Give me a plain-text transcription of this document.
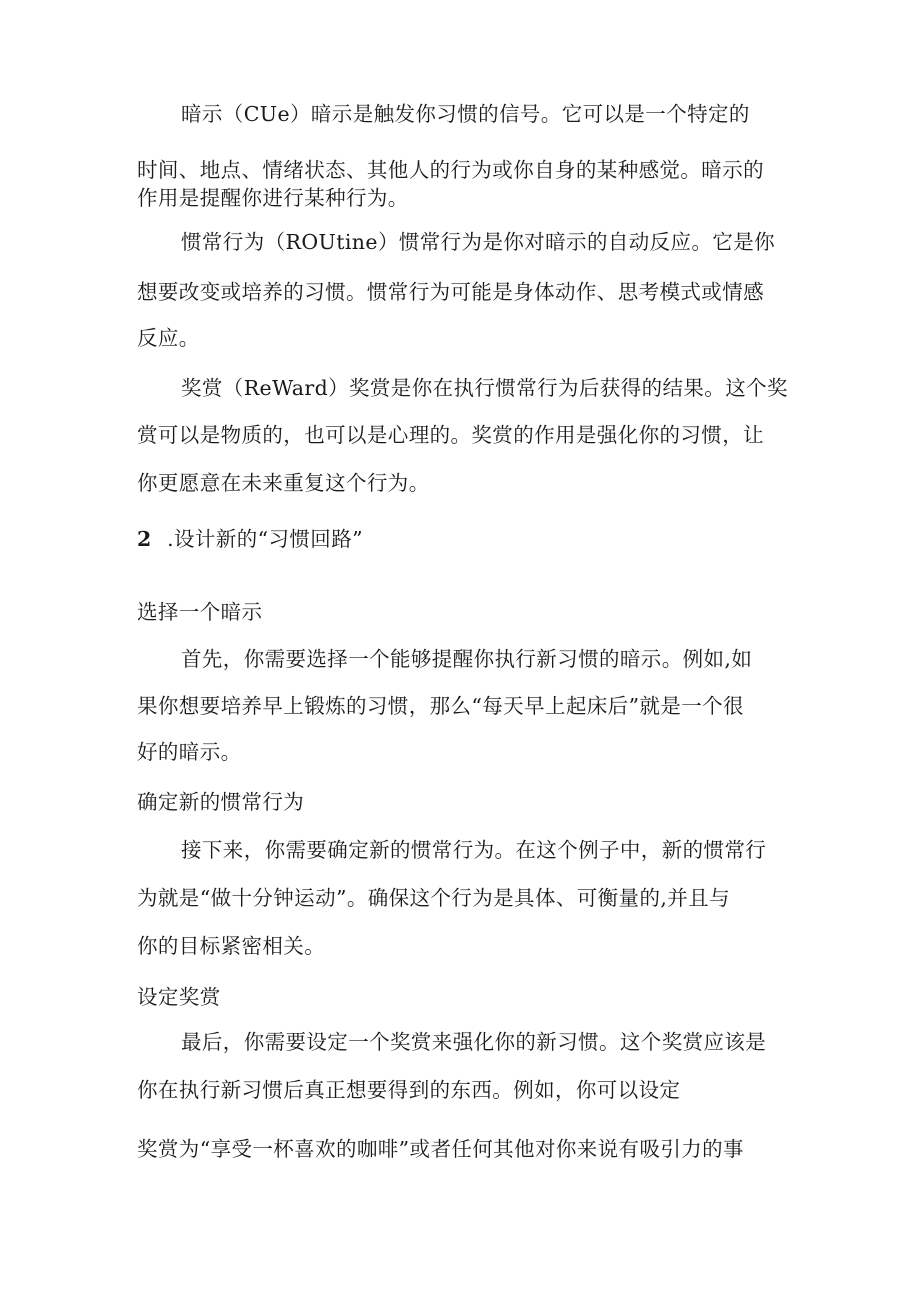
暗示（CUe）暗示是触发你习惯的信号。它可以是一个特定的
时间、地点、情绪状态、其他人的行为或你自身的某种感觉。暗示的
作用是提醒你进行某种行为。
惯常行为（ROUtine）惯常行为是你对暗示的自动反应。它是你
想要改变或培养的习惯。惯常行为可能是身体动作、思考模式或情感
反应。
奖赏（ReWard）奖赏是你在执行惯常行为后获得的结果。这个奖
赏可以是物质的，也可以是心理的。奖赏的作用是强化你的习惯，让
你更愿意在未来重复这个行为。
2 .设计新的“习惯回路”
选择一个暗示
首先，你需要选择一个能够提醒你执行新习惯的暗示。例如,如
果你想要培养早上锻炼的习惯，那么“每天早上起床后”就是一个很
好的暗示。
确定新的惯常行为
接下来，你需要确定新的惯常行为。在这个例子中，新的惯常行
为就是“做十分钟运动”。确保这个行为是具体、可衡量的,并且与
你的目标紧密相关。
设定奖赏
最后，你需要设定一个奖赏来强化你的新习惯。这个奖赏应该是
你在执行新习惯后真正想要得到的东西。例如，你可以设定
奖赏为“享受一杯喜欢的咖啡”或者任何其他对你来说有吸引力的事
